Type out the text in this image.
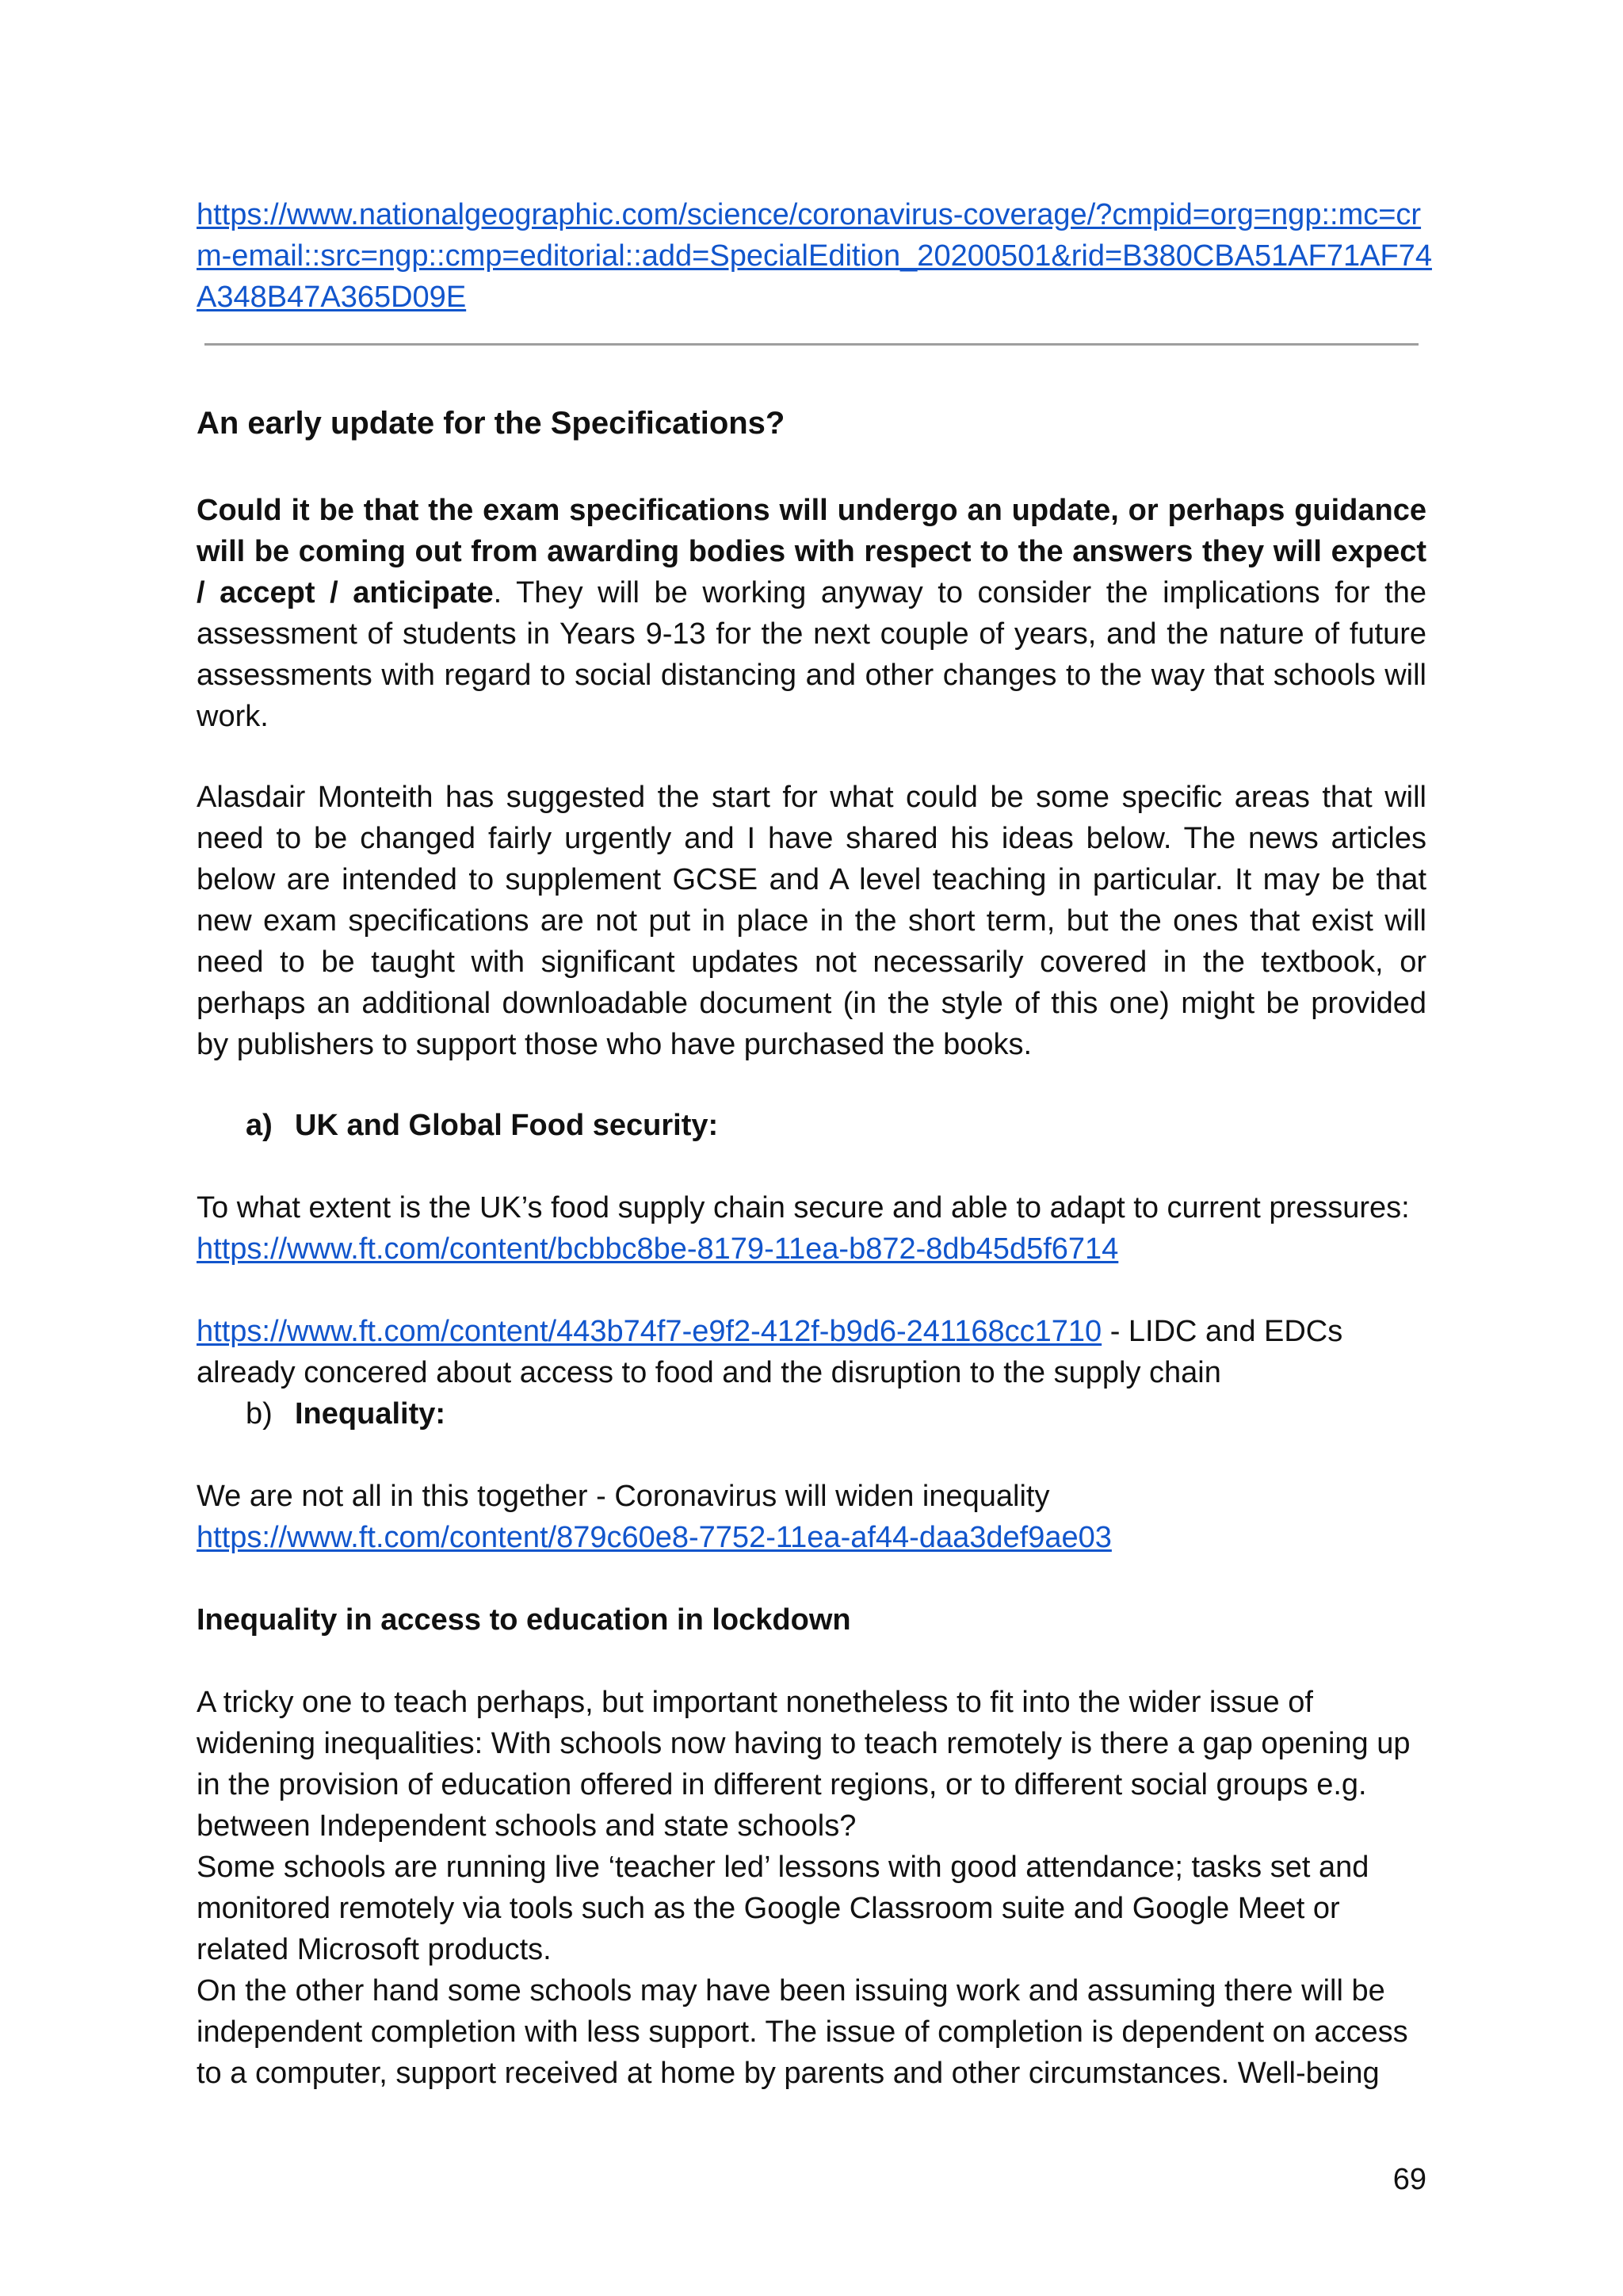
https://www.nationalgeographic.com/science/coronavirus-coverage/?cmpid=org=ngp::mc=cr
m-email::src=ngp::cmp=editorial::add=SpecialEdition_20200501&rid=B380CBA51AF71AF74
A348B47A365D09E
An early update for the Specifications?

Could it be that the exam specifications will undergo an update, or perhaps guidance will be coming out from awarding bodies with respect to the answers they will expect / accept / anticipate. They will be working anyway to consider the implications for the assessment of students in Years 9-13 for the next couple of years, and the nature of future assessments with regard to social distancing and other changes to the way that schools will work.

Alasdair Monteith has suggested the start for what could be some specific areas that will need to be changed fairly urgently and I have shared his ideas below. The news articles below are intended to supplement GCSE and A level teaching in particular. It may be that new exam specifications are not put in place in the short term, but the ones that exist will need to be taught with significant updates not necessarily covered in the textbook, or perhaps an additional downloadable document (in the style of this one) might be provided by publishers to support those who have purchased the books.

a) UK and Global Food security:

To what extent is the UK’s food supply chain secure and able to adapt to current pressures:
https://www.ft.com/content/bcbbc8be-8179-11ea-b872-8db45d5f6714

https://www.ft.com/content/443b74f7-e9f2-412f-b9d6-241168cc1710 - LIDC and EDCs
already concered about access to food and the disruption to the supply chain

b) Inequality:

We are not all in this together - Coronavirus will widen inequality
https://www.ft.com/content/879c60e8-7752-11ea-af44-daa3def9ae03

Inequality in access to education in lockdown

A tricky one to teach perhaps, but important nonetheless to fit into the wider issue of
widening inequalities: With schools now having to teach remotely is there a gap opening up
in the provision of education offered in different regions, or to different social groups e.g.
between Independent schools and state schools?
Some schools are running live ‘teacher led’ lessons with good attendance; tasks set and
monitored remotely via tools such as the Google Classroom suite and Google Meet or
related Microsoft products.
On the other hand some schools may have been issuing work and assuming there will be
independent completion with less support. The issue of completion is dependent on access
to a computer, support received at home by parents and other circumstances. Well-being

69
